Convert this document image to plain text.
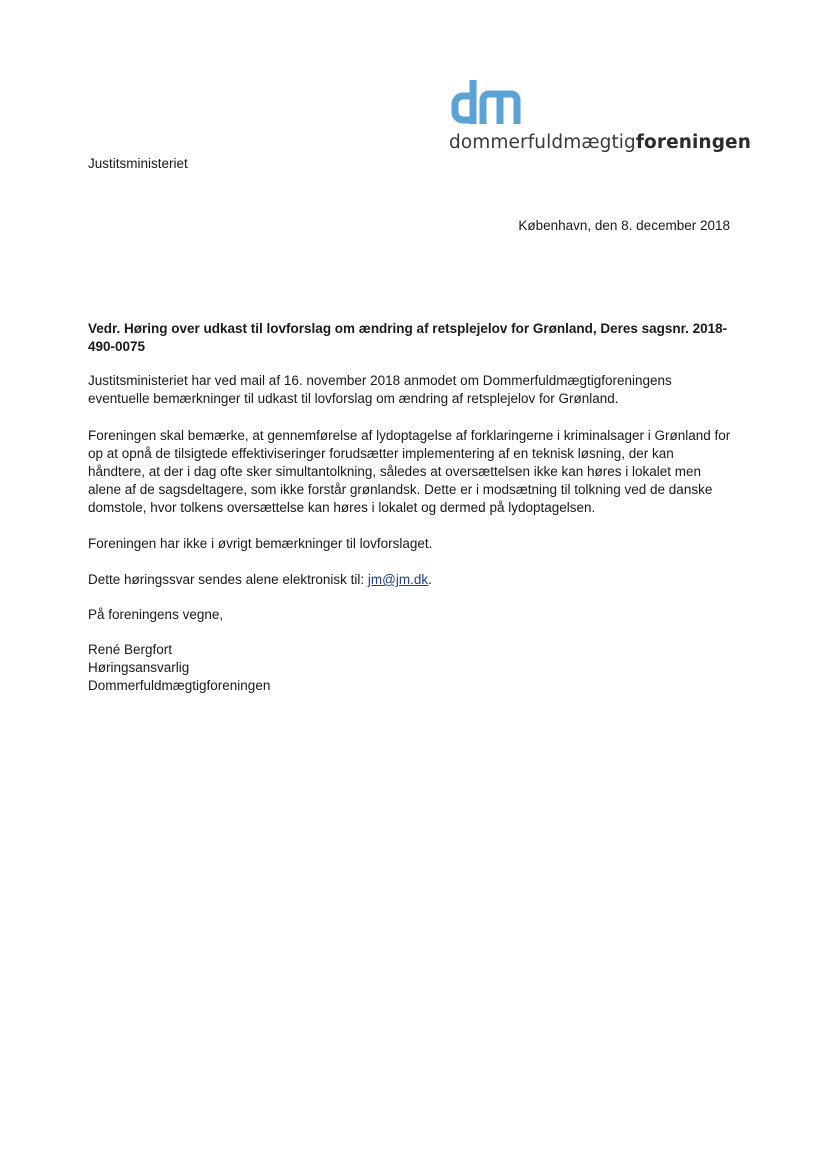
dommerfuldmægtigforeningen
Justitsministeriet
København, den 8. december 2018
Vedr. Høring over udkast til lovforslag om ændring af retsplejelov for Grønland, Deres sagsnr. 2018-490-0075

Justitsministeriet har ved mail af 16. november 2018 anmodet om Dommerfuldmægtigforeningens eventuelle bemærkninger til udkast til lovforslag om ændring af retsplejelov for Grønland.

Foreningen skal bemærke, at gennemførelse af lydoptagelse af forklaringerne i kriminalsager i Grønland for op at opnå de tilsigtede effektiviseringer forudsætter implementering af en teknisk løsning, der kan håndtere, at der i dag ofte sker simultantolkning, således at oversættelsen ikke kan høres i lokalet men alene af de sagsdeltagere, som ikke forstår grønlandsk. Dette er i modsætning til tolkning ved de danske domstole, hvor tolkens oversættelse kan høres i lokalet og dermed på lydoptagelsen.

Foreningen har ikke i øvrigt bemærkninger til lovforslaget.

Dette høringssvar sendes alene elektronisk til: jm@jm.dk.

På foreningens vegne,

René Bergfort
Høringsansvarlig
Dommerfuldmægtigforeningen
